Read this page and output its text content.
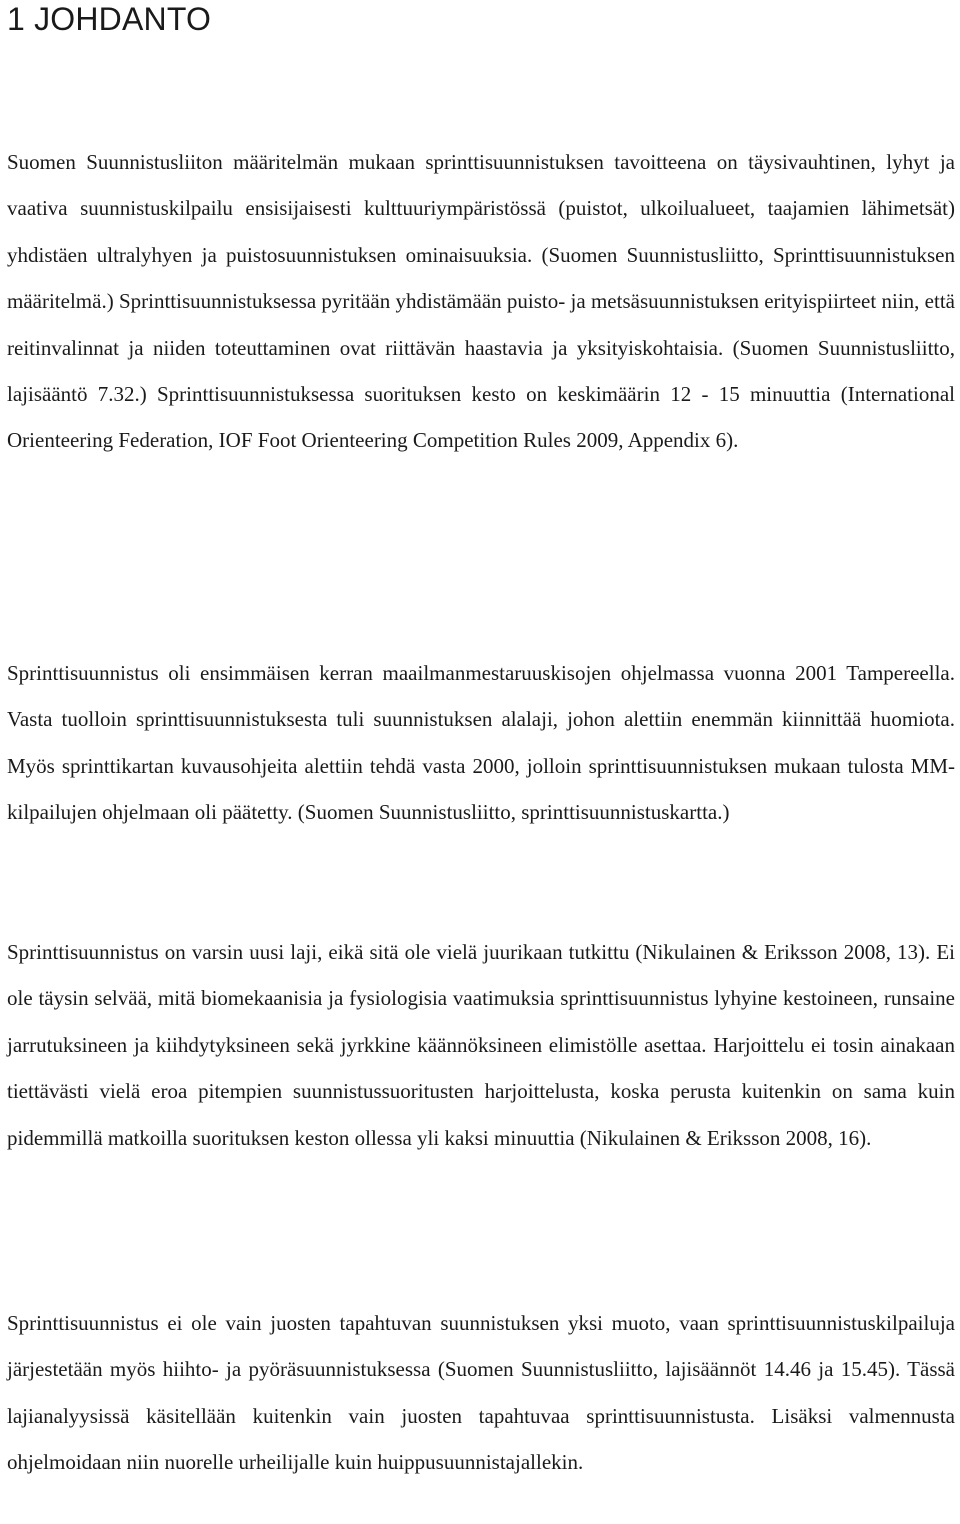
1 JOHDANTO

Suomen Suunnistusliiton määritelmän mukaan sprinttisuunnistuksen tavoitteena on täysivauhtinen, lyhyt ja vaativa suunnistuskilpailu ensisijaisesti kulttuuriympäristössä (puistot, ulkoilualueet, taajamien lähimetsät) yhdistäen ultralyhyen ja puistosuunnistuksen ominaisuuksia. (Suomen Suunnistusliitto, Sprinttisuunnistuksen määritelmä.) Sprinttisuunnistuksessa pyritään yhdistämään puisto- ja metsäsuunnistuksen erityispiirteet niin, että reitinvalinnat ja niiden toteuttaminen ovat riittävän haastavia ja yksityiskohtaisia. (Suomen Suunnistusliitto, lajisääntö 7.32.) Sprinttisuunnistuksessa suorituksen kesto on keskimäärin 12 - 15 minuuttia (International Orienteering Federation, IOF Foot Orienteering Competition Rules 2009, Appendix 6).

Sprinttisuunnistus oli ensimmäisen kerran maailmanmestaruuskisojen ohjelmassa vuonna 2001 Tampereella. Vasta tuolloin sprinttisuunnistuksesta tuli suunnistuksen alalaji, johon alettiin enemmän kiinnittää huomiota. Myös sprinttikartan kuvausohjeita alettiin tehdä vasta 2000, jolloin sprinttisuunnistuksen mukaan tulosta MM-kilpailujen ohjelmaan oli päätetty. (Suomen Suunnistusliitto, sprinttisuunnistuskartta.)

Sprinttisuunnistus on varsin uusi laji, eikä sitä ole vielä juurikaan tutkittu (Nikulainen & Eriksson 2008, 13). Ei ole täysin selvää, mitä biomekaanisia ja fysiologisia vaatimuksia sprinttisuunnistus lyhyine kestoineen, runsaine jarrutuksineen ja kiihdytyksineen sekä jyrkkine käännöksineen elimistölle asettaa. Harjoittelu ei tosin ainakaan tiettävästi vielä eroa pitempien suunnistussuoritusten harjoittelusta, koska perusta kuitenkin on sama kuin pidemmillä matkoilla suorituksen keston ollessa yli kaksi minuuttia (Nikulainen & Eriksson 2008, 16).

Sprinttisuunnistus ei ole vain juosten tapahtuvan suunnistuksen yksi muoto, vaan sprinttisuunnistuskilpailuja järjestetään myös hiihto- ja pyöräsuunnistuksessa (Suomen Suunnistusliitto, lajisäännöt 14.46 ja 15.45). Tässä lajianalyysissä käsitellään kuitenkin vain juosten tapahtuvaa sprinttisuunnistusta. Lisäksi valmennusta ohjelmoidaan niin nuorelle urheilijalle kuin huippusuunnistajallekin.
